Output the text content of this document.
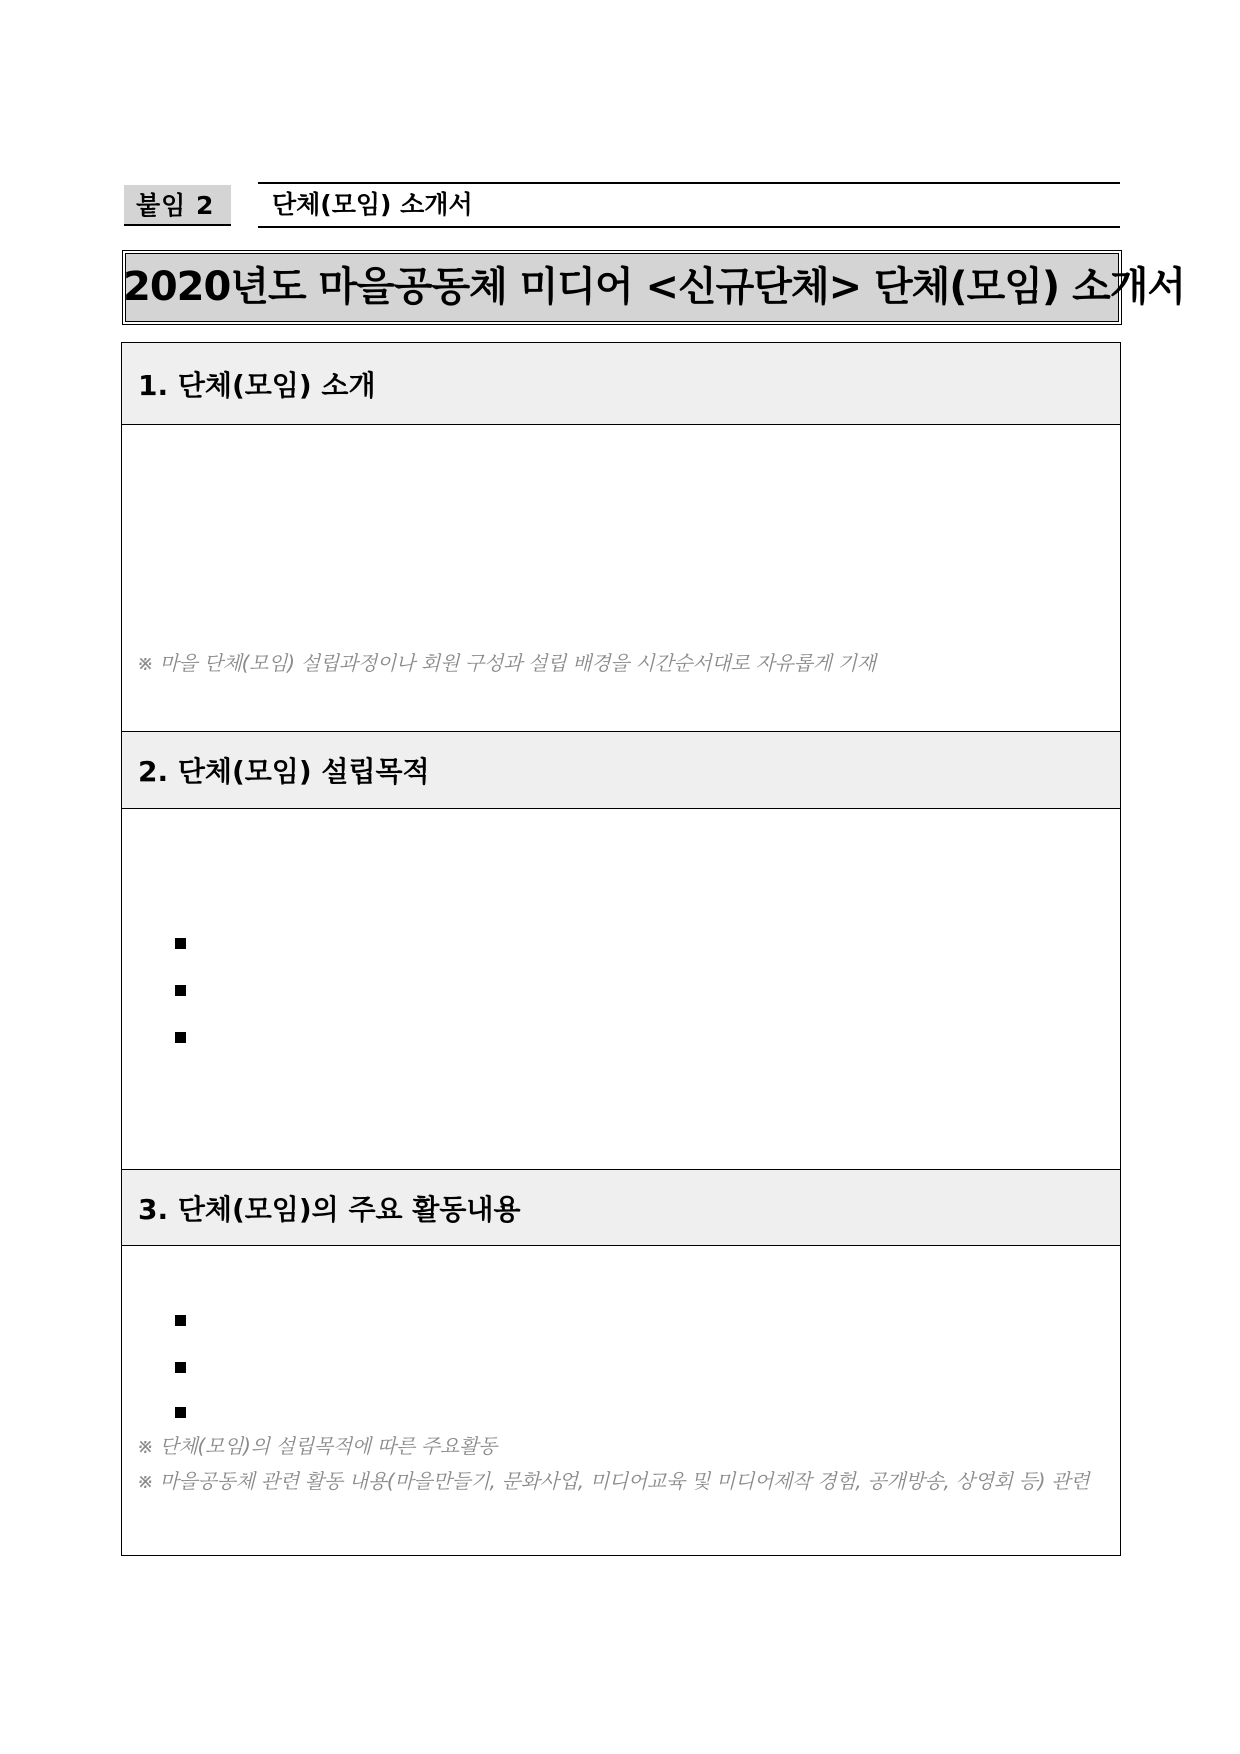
붙임 2	단체(모임) 소개서
2020년도 마을공동체 미디어 <신규단체> 단체(모임) 소개서
1. 단체(모임) 소개
※ 마을 단체(모임) 설립과정이나 회원 구성과 설립 배경을 시간순서대로 자유롭게 기재
2. 단체(모임) 설립목적
3. 단체(모임)의 주요 활동내용
※ 단체(모임)의 설립목적에 따른 주요활동
※ 마을공동체 관련 활동 내용(마을만들기, 문화사업, 미디어교육 및 미디어제작 경험, 공개방송, 상영회 등) 관련
